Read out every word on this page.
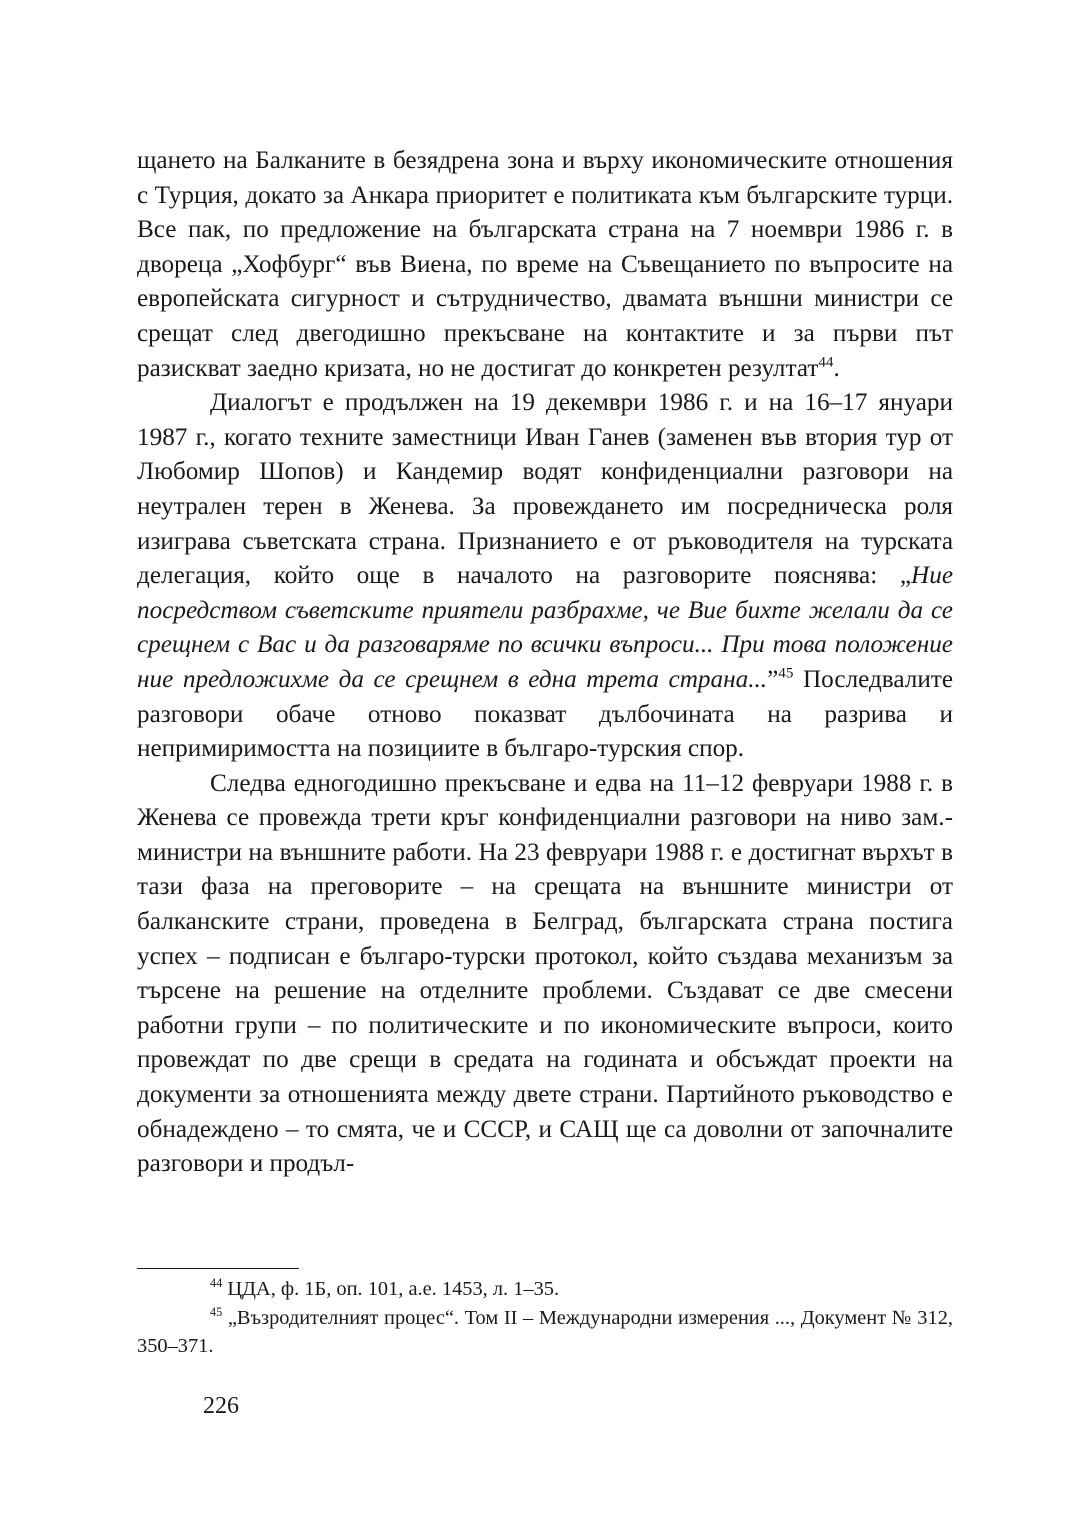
щането на Балканите в безядрена зона и върху икономическите отношения с Турция, докато за Анкара приоритет е политиката към българските турци. Все пак, по предложение на българската страна на 7 ноември 1986 г. в двореца „Хофбург“ във Виена, по време на Съвещанието по въпросите на европейската сигурност и сътрудничество, двамата външни министри се срещат след двегодишно прекъсване на контактите и за първи път разискват заедно кризата, но не достигат до конкретен резултат$^{44}$.

Диалогът е продължен на 19 декември 1986 г. и на 16–17 януари 1987 г., когато техните заместници Иван Ганев (заменен във втория тур от Любомир Шопов) и Кандемир водят конфиденциални разговори на неутрален терен в Женева. За провеждането им посредническа роля изиграва съветската страна. Признанието е от ръководителя на турската делегация, който още в началото на разговорите пояснява: „Ние посредством съветските приятели разбрахме, че Вие бихте желали да се срещнем с Вас и да разговаряме по всички въпроси... При това положение ние предложихме да се срещнем в една трета страна...”$^{45}$ Последвалите разговори обаче отново показват дълбочината на разрива и непримиримостта на позициите в българо-турския спор.

Следва едногодишно прекъсване и едва на 11–12 февруари 1988 г. в Женева се провежда трети кръг конфиденциални разговори на ниво зам.-министри на външните работи. На 23 февруари 1988 г. е достигнат върхът в тази фаза на преговорите – на срещата на външните министри от балканските страни, проведена в Белград, българската страна постига успех – подписан е българо-турски протокол, който създава механизъм за търсене на решение на отделните проблеми. Създават се две смесени работни групи – по политическите и по икономическите въпроси, които провеждат по две срещи в средата на годината и обсъждат проекти на документи за отношенията между двете страни. Партийното ръководство е обнадеждено – то смята, че и СССР, и САЩ ще са доволни от започналите разговори и продъл-

$^{44}$ ЦДА, ф. 1Б, оп. 101, а.е. 1453, л. 1–35.

$^{45}$ „Възродителният процес“. Том II – Международни измерения ..., Документ № 312, 350–371.

226
